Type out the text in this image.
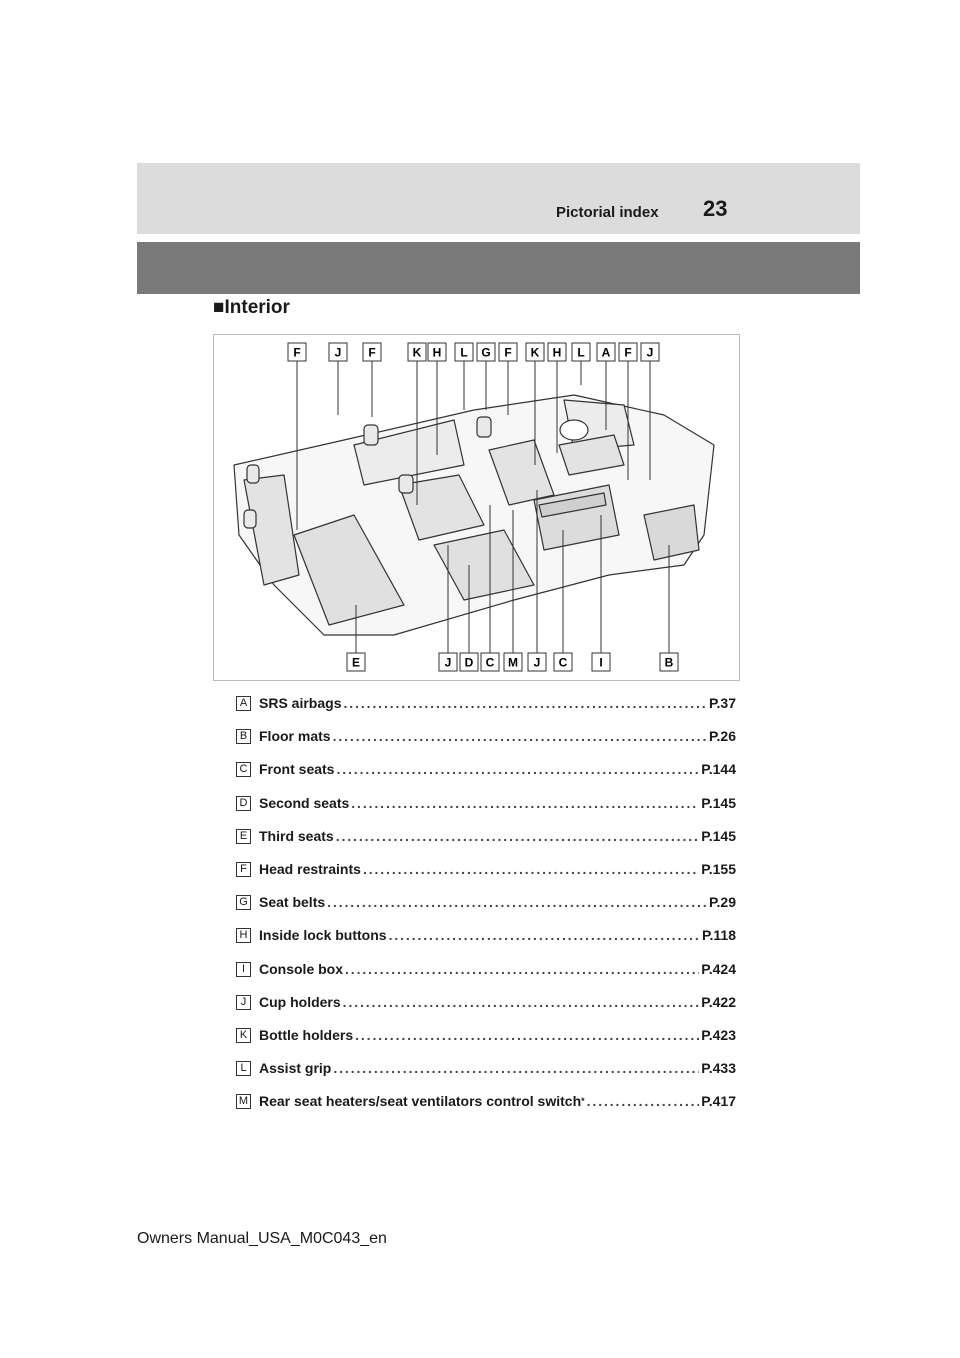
Pictorial index 23
■Interior
F	J F	K H L G F K H L A F J
E	J D C M J C	I	B
A SRS airbags . . .	P.37
B Floor mats . . .	P.26
C Front seats . . .	P.144
D Second seats . . .	P.145
E Third seats . . .	P.145
F Head restraints . . .	P.155
G Seat belts . . .	P.29
H Inside lock buttons . . .	P.118
I Console box . . .	P.424
J Cup holders . . .	P.422
K Bottle holders . . .	P.423
L Assist grip . . .	P.433
M Rear seat heaters/seat ventilators control switch * . . .	P.417
Owners Manual_USA_M0C043_en
